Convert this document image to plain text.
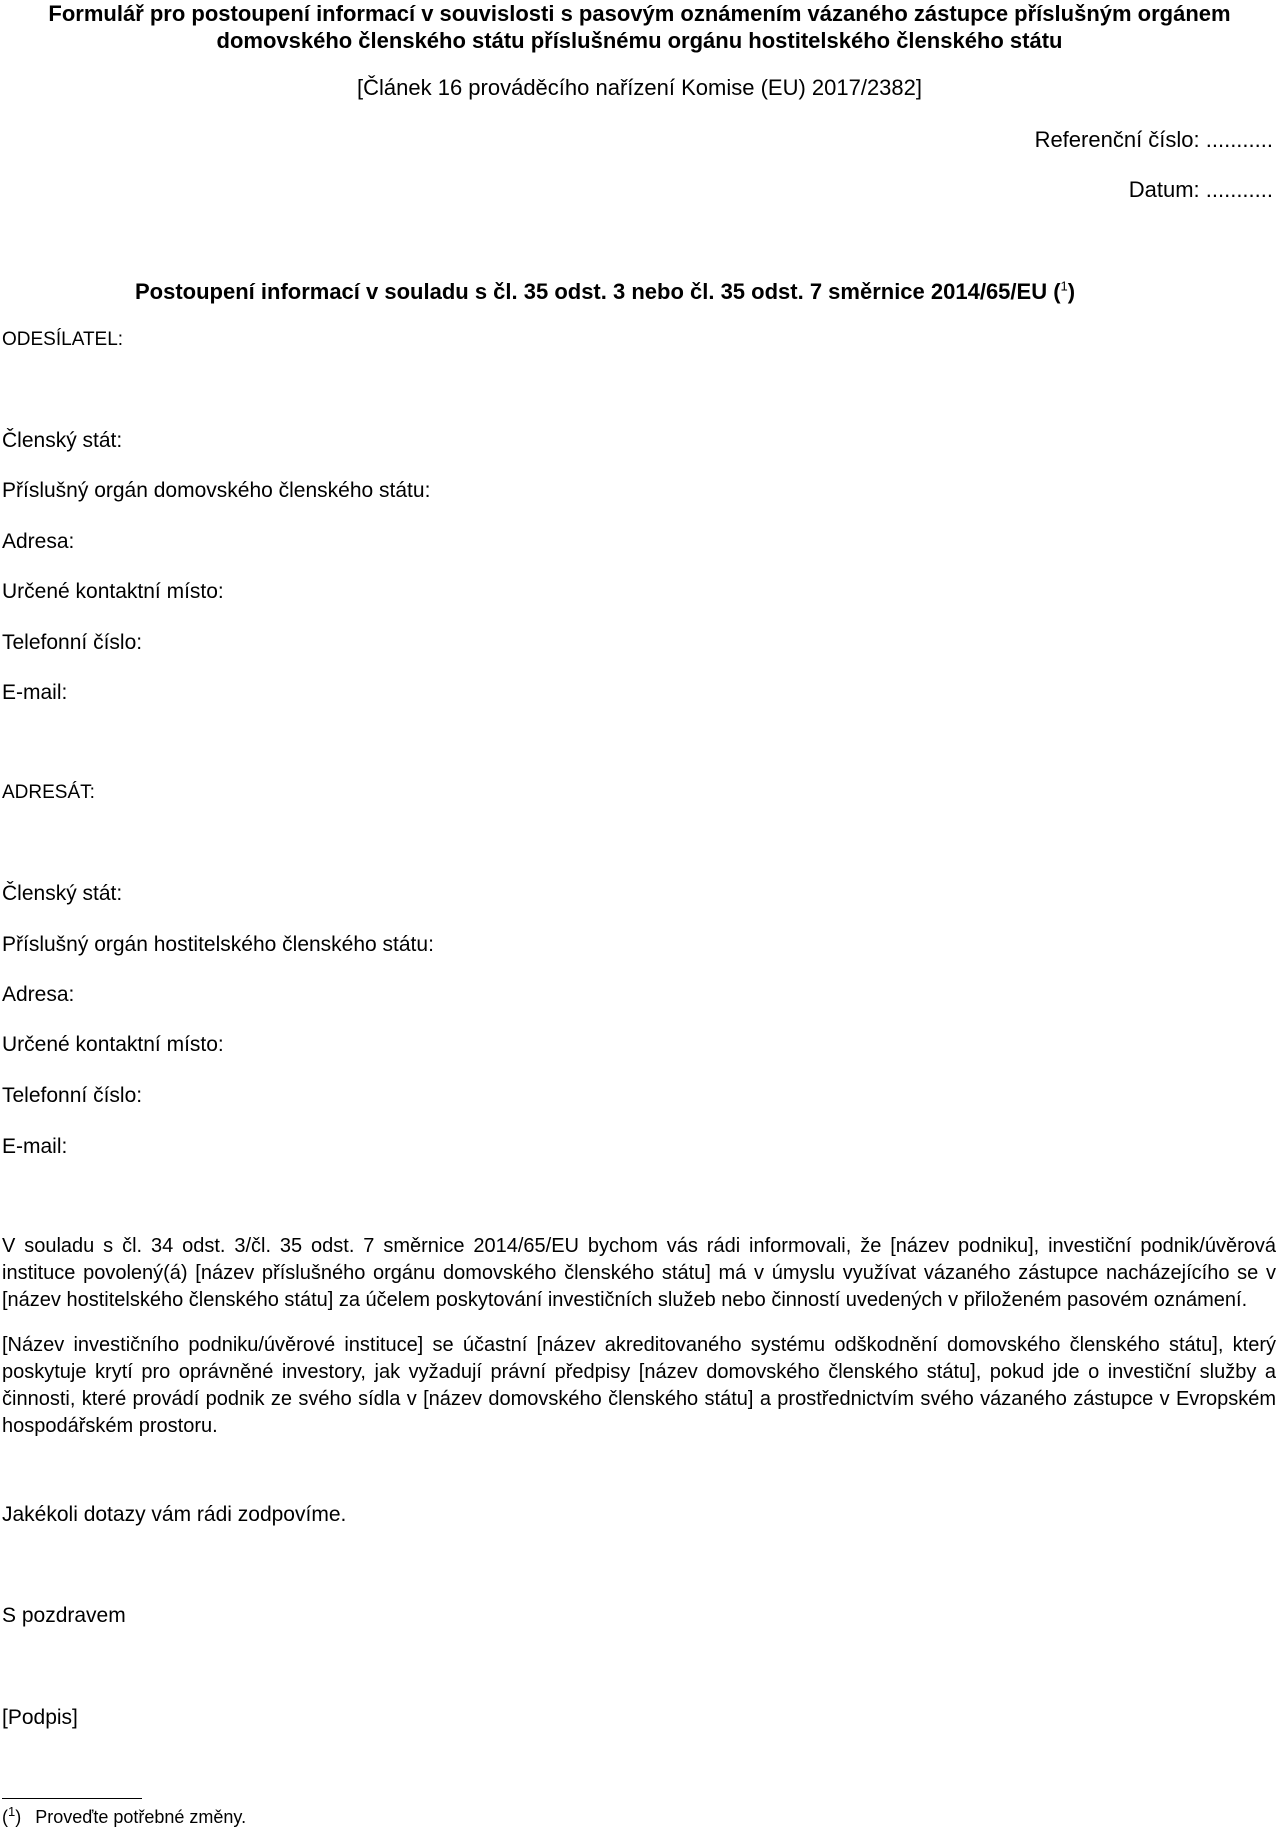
Formulář pro postoupení informací v souvislosti s pasovým oznámením vázaného zástupce příslušným orgánem
domovského členského státu příslušnému orgánu hostitelského členského státu
[Článek 16 prováděcího nařízení Komise (EU) 2017/2382]
Referenční číslo: ...........
Datum: ...........
Postoupení informací v souladu s čl. 35 odst. 3 nebo čl. 35 odst. 7 směrnice 2014/65/EU ($^1$)
ODESÍLATEL:
Členský stát:
Příslušný orgán domovského členského státu:
Adresa:
Určené kontaktní místo:
Telefonní číslo:
E-mail:
ADRESÁT:
Členský stát:
Příslušný orgán hostitelského členského státu:
Adresa:
Určené kontaktní místo:
Telefonní číslo:
E-mail:
V souladu s čl. 34 odst. 3/čl. 35 odst. 7 směrnice 2014/65/EU bychom vás rádi informovali, že [název podniku], investiční podnik/úvěrová instituce povolený(á) [název příslušného orgánu domovského členského státu] má v úmyslu využívat vázaného zástupce nacházejícího se v [název hostitelského členského státu] za účelem poskytování investičních služeb nebo činností uvedených v přiloženém pasovém oznámení.
[Název investičního podniku/úvěrové instituce] se účastní [název akreditovaného systému odškodnění domovského členského státu], který poskytuje krytí pro oprávněné investory, jak vyžadují právní předpisy [název domovského členského státu], pokud jde o investiční služby a činnosti, které provádí podnik ze svého sídla v [název domovského členského státu] a prostřednictvím svého vázaného zástupce v Evropském hospodářském prostoru.
Jakékoli dotazy vám rádi zodpovíme.
S pozdravem
[Podpis]
($^1$) Proveďte potřebné změny.
